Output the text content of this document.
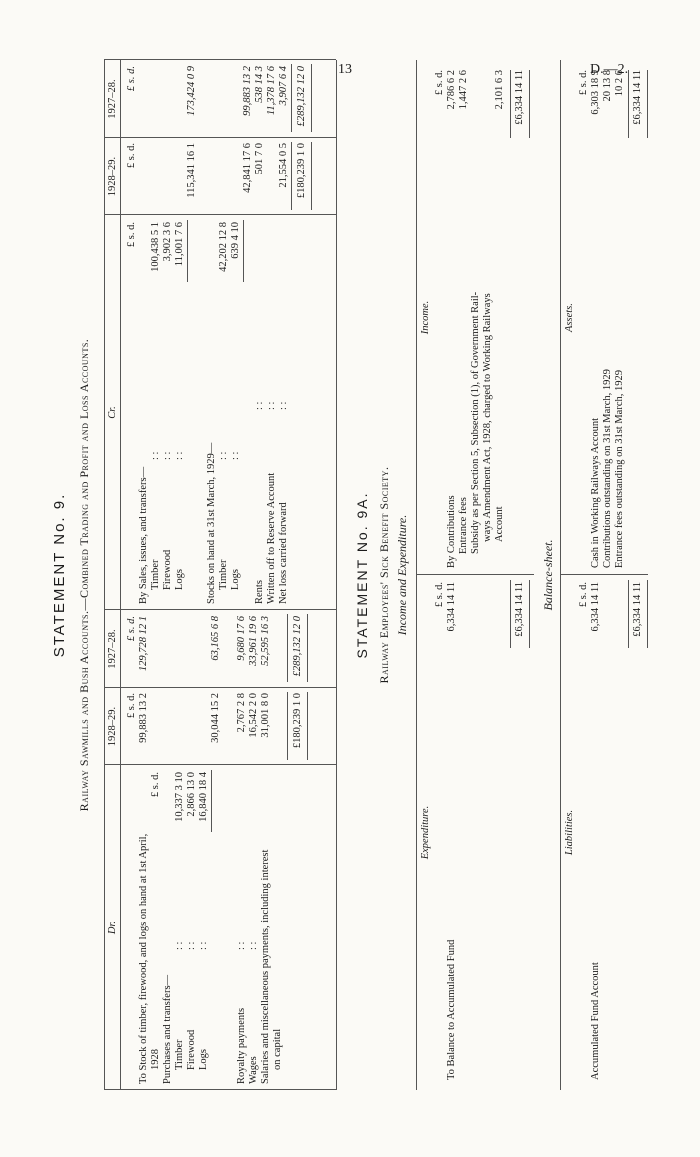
13	D.—2.
STATEMENT No. 9. Railway Sawmills and Bush Accounts.—Combined Trading and Profit and Loss Accounts.
Dr.
1928–29.
1927–28.
Cr.
1928–29.
1927–28.
£ s. d.
£ s. d.
£ s. d.
£ s. d.
£ s. d.
£ s. d.
To Stock of timber, firewood, and logs on hand at 1st April,
99,883 13 2
129,728 12 1
1928 Purchases and transfers— Timber
: :
10,337 3 10
Firewood
: :
2,866 13 0
Logs
: :
16,840 18 4
30,044 15 2
63,165 6 8
Royalty payments
: :
2,767 2 8
9,680 17 6
Wages
: :
16,542 2 0
33,961 19 6
Salaries and miscellaneous payments, including interest
31,001 8 0
52,595 16 3
on capital
£180,239 1 0
£289,132 12 0
By Sales, issues, and transfers— Timber
: :
100,438 5 1
Firewood
: :
3,902 3 6
Logs
: :
11,001 7 6
115,341 16 1
173,424 0 9
Stocks on hand at 31st March, 1929— Timber
: :
42,202 12 8
Logs
: :
639 4 10
42,841 17 6
99,883 13 2
Rents
: :
501 7 0
538 14 3
Written off to Reserve Account
: :
11,378 17 6
Net loss carried forward
: :
21,554 0 5
3,907 6 4
£180,239 1 0
£289,132 12 0
STATEMENT No. 9A. Railway Employees' Sick Benefit Society. Income and Expenditure.
Expenditure.
Income.
£ s. d.
£ s. d.
To Balance to Accumulated Fund
6,334 14 11
By Contributions
2,786 6 2
Entrance fees
1,447 2 6
Subsidy as per Section 5, Subsection (1), of Government Rail- ways Amendment Act, 1928, charged to Working Railways Account
2,101 6 3
£6,334 14 11
£6,334 14 11
Balance-sheet.
Liabilities.
Assets.
£ s. d.
£ s. d.
Accumulated Fund Account
6,334 14 11
Cash in Working Railways Account
6,303 18 9
Contributions outstanding on 31st March, 1929
20 13 8
Entrance fees outstanding on 31st March, 1929
10 2 6
£6,334 14 11
£6,334 14 11
